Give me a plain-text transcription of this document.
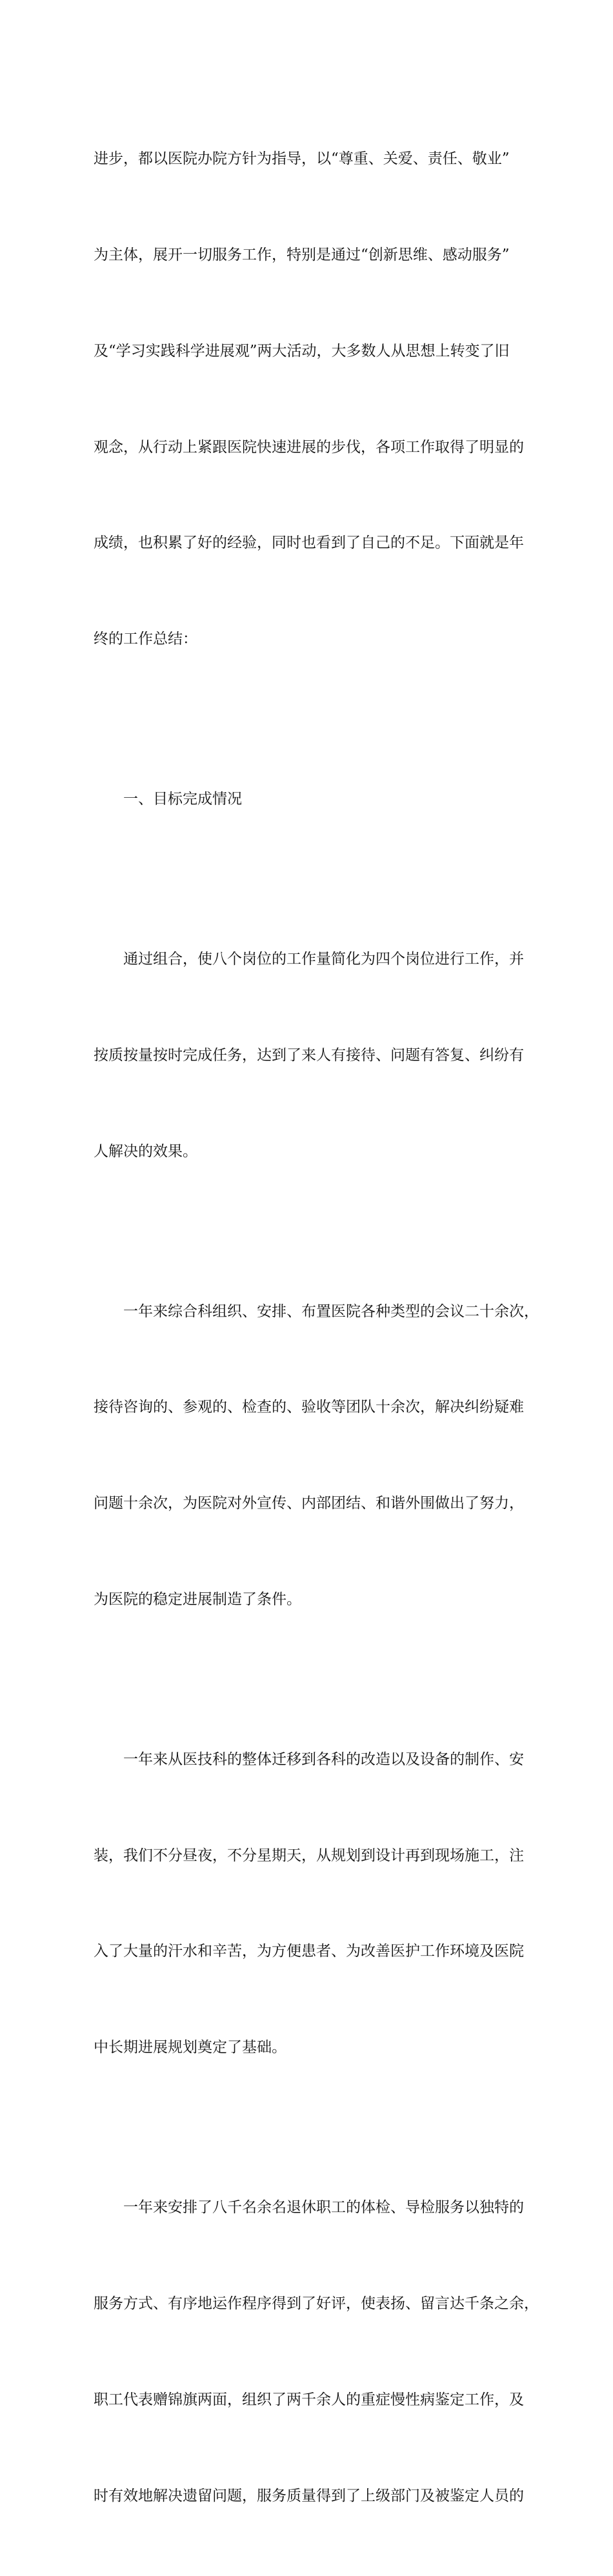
进步，都以医院办院方针为指导，以“尊重、关爱、责任、敬业”

为主体，展开一切服务工作，特别是通过“创新思维、感动服务”

及“学习实践科学进展观”两大活动，大多数人从思想上转变了旧

观念，从行动上紧跟医院快速进展的步伐，各项工作取得了明显的

成绩，也积累了好的经验，同时也看到了自己的不足。下面就是年

终的工作总结：

一、目标完成情况

通过组合，使八个岗位的工作量简化为四个岗位进行工作，并

按质按量按时完成任务，达到了来人有接待、问题有答复、纠纷有

人解决的效果。

一年来综合科组织、安排、布置医院各种类型的会议二十余次，

接待咨询的、参观的、检查的、验收等团队十余次，解决纠纷疑难

问题十余次，为医院对外宣传、内部团结、和谐外围做出了努力，

为医院的稳定进展制造了条件。

一年来从医技科的整体迁移到各科的改造以及设备的制作、安

装，我们不分昼夜，不分星期天，从规划到设计再到现场施工，注

入了大量的汗水和辛苦，为方便患者、为改善医护工作环境及医院

中长期进展规划奠定了基础。

一年来安排了八千名余名退休职工的体检、导检服务以独特的

服务方式、有序地运作程序得到了好评，使表扬、留言达千条之余，

职工代表赠锦旗两面，组织了两千余人的重症慢性病鉴定工作，及

时有效地解决遗留问题，服务质量得到了上级部门及被鉴定人员的
